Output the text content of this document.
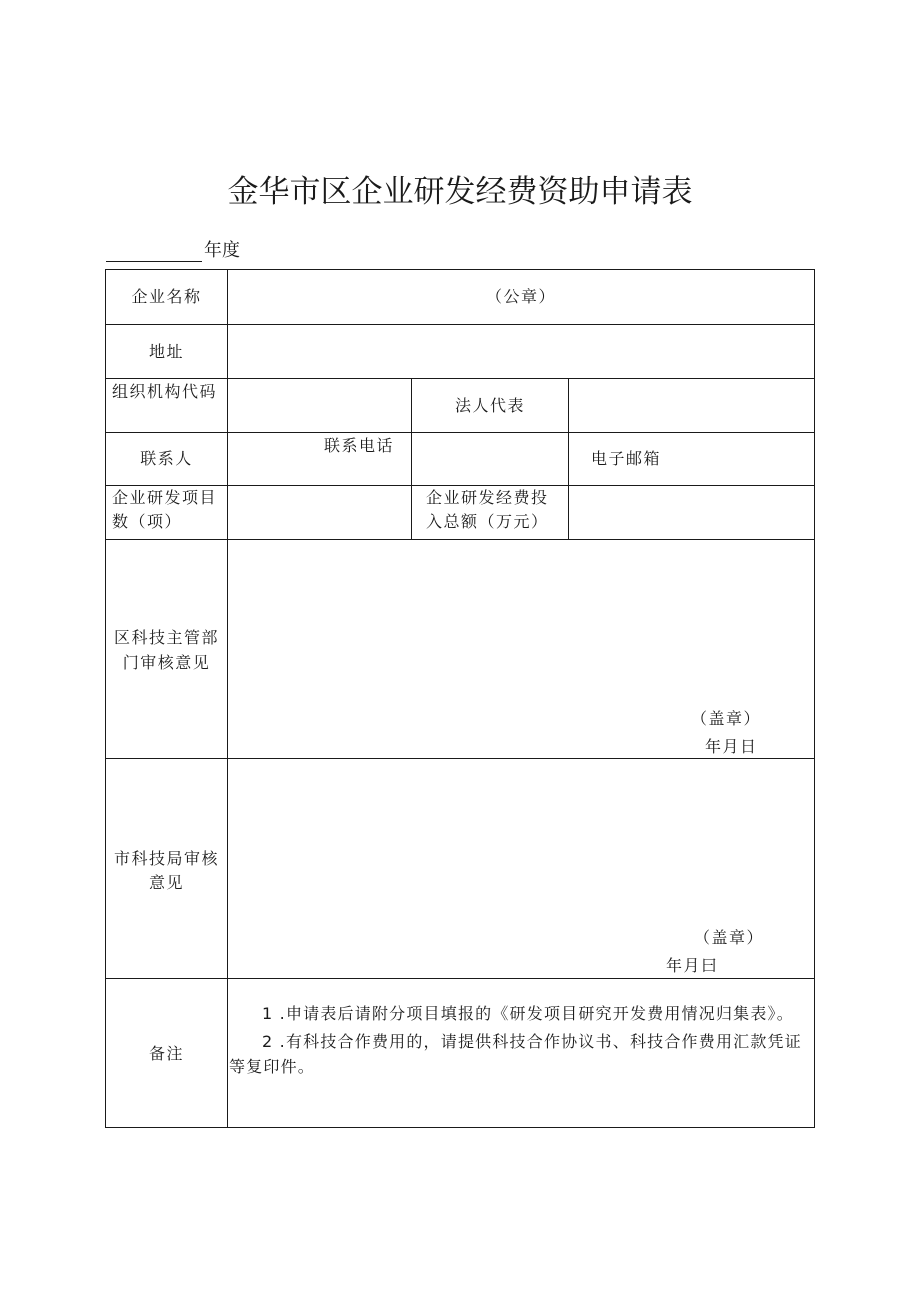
金华市区企业研发经费资助申请表
年度
企业名称	（公章）
地址
组织机构代码
法人代表
联系人
联系电话
电子邮箱
企业研发项目
数（项）
企业研发经费投
入总额（万元）
区科技主管部
门审核意见
（盖章）
年月日
市科技局审核
意见
（盖章）
年月曰
备注

1 .申请表后请附分项目填报的《研发项目研究开发费用情况归集表》。

2 .有科技合作费用的，请提供科技合作协议书、科技合作费用汇款凭证等复印件。
